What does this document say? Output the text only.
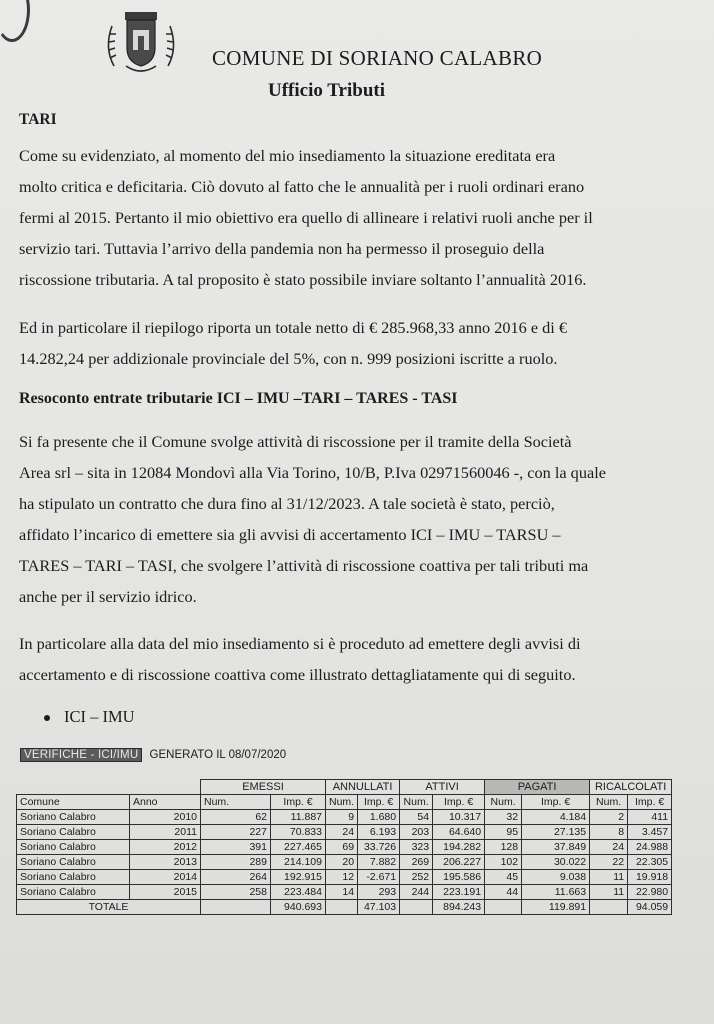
COMUNE DI SORIANO CALABRO
Ufficio Tributi
TARI
Come su evidenziato, al momento del mio insediamento la situazione ereditata era
molto critica e deficitaria. Ciò dovuto al fatto che le annualità per i ruoli ordinari erano
fermi al 2015. Pertanto il mio obiettivo era quello di allineare i relativi ruoli anche per il
servizio tari. Tuttavia l’arrivo della pandemia non ha permesso il proseguio della
riscossione tributaria. A tal proposito è stato possibile inviare soltanto l’annualità 2016.
Ed in particolare il riepilogo riporta un totale netto di € 285.968,33 anno 2016 e di €
14.282,24 per addizionale provinciale del 5%, con n. 999 posizioni iscritte a ruolo.
Resoconto entrate tributarie ICI – IMU –TARI – TARES - TASI
Si fa presente che il Comune svolge attività di riscossione per il tramite della Società
Area srl – sita in 12084 Mondovì alla Via Torino, 10/B, P.Iva 02971560046 -, con la quale
ha stipulato un contratto che dura fino al 31/12/2023. A tale società è stato, perciò,
affidato l’incarico di emettere sia gli avvisi di accertamento ICI – IMU – TARSU –
TARES – TARI – TASI, che svolgere l’attività di riscossione coattiva per tali tributi ma
anche per il servizio idrico.
In particolare alla data del mio insediamento si è proceduto ad emettere degli avvisi di
accertamento e di riscossione coattiva come illustrato dettagliatamente qui di seguito.
ICI – IMU
VERIFICHE - ICI/IMU GENERATO IL 08/07/2020
		EMESSI		ANNULLATI		ATTIVI		PAGATI		RICALCOLATI	
Comune	Anno	Num.	Imp. €	Num.	Imp. €	Num.	Imp. €	Num.	Imp. €	Num.	Imp. €
Soriano Calabro	2010	62	11.887	9	1.680	54	10.317	32	4.184	2	411
Soriano Calabro	2011	227	70.833	24	6.193	203	64.640	95	27.135	8	3.457
Soriano Calabro	2012	391	227.465	69	33.726	323	194.282	128	37.849	24	24.988
Soriano Calabro	2013	289	214.109	20	7.882	269	206.227	102	30.022	22	22.305
Soriano Calabro	2014	264	192.915	12	-2.671	252	195.586	45	9.038	11	19.918
Soriano Calabro	2015	258	223.484	14	293	244	223.191	44	11.663	11	22.980
TOTALE			940.693		47.103		894.243		119.891		94.059
